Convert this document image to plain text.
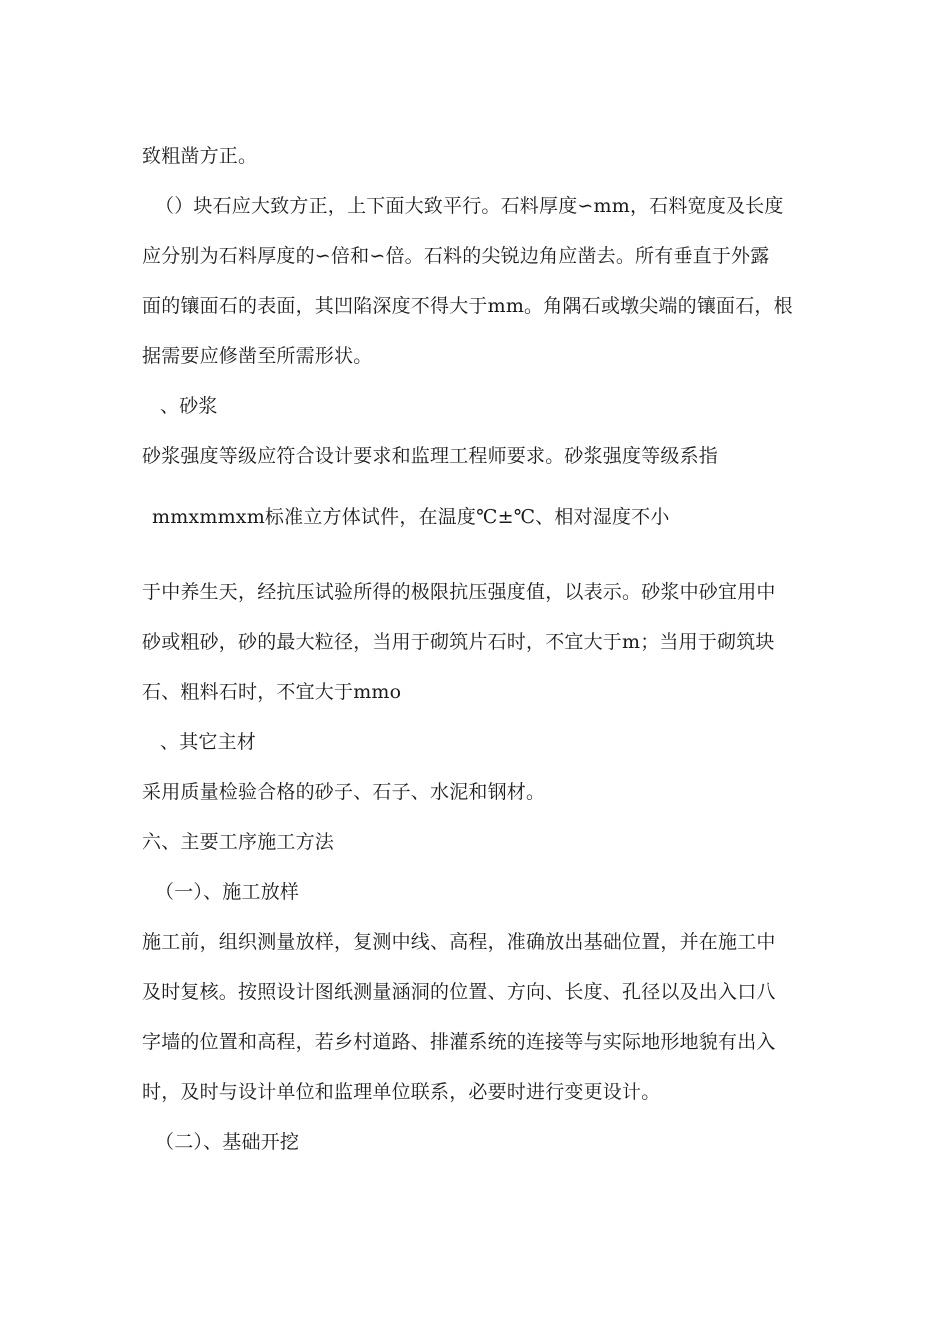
致粗凿方正。
（）块石应大致方正，上下面大致平行。石料厚度∽mm，石料宽度及长度
应分别为石料厚度的∽倍和∽倍。石料的尖锐边角应凿去。所有垂直于外露
面的镶面石的表面，其凹陷深度不得大于mm。角隅石或墩尖端的镶面石，根
据需要应修凿至所需形状。
、砂浆
砂浆强度等级应符合设计要求和监理工程师要求。砂浆强度等级系指
mmxmmxm标准立方体试件，在温度℃±℃、相对湿度不小
于中养生天，经抗压试验所得的极限抗压强度值，以表示。砂浆中砂宜用中
砂或粗砂，砂的最大粒径，当用于砌筑片石时，不宜大于m；当用于砌筑块
石、粗料石时，不宜大于mmo
、其它主材
采用质量检验合格的砂子、石子、水泥和钢材。
六、主要工序施工方法
（一）、施工放样
施工前，组织测量放样，复测中线、高程，准确放出基础位置，并在施工中
及时复核。按照设计图纸测量涵洞的位置、方向、长度、孔径以及出入口八
字墙的位置和高程，若乡村道路、排灌系统的连接等与实际地形地貌有出入
时，及时与设计单位和监理单位联系，必要时进行变更设计。
（二）、基础开挖
